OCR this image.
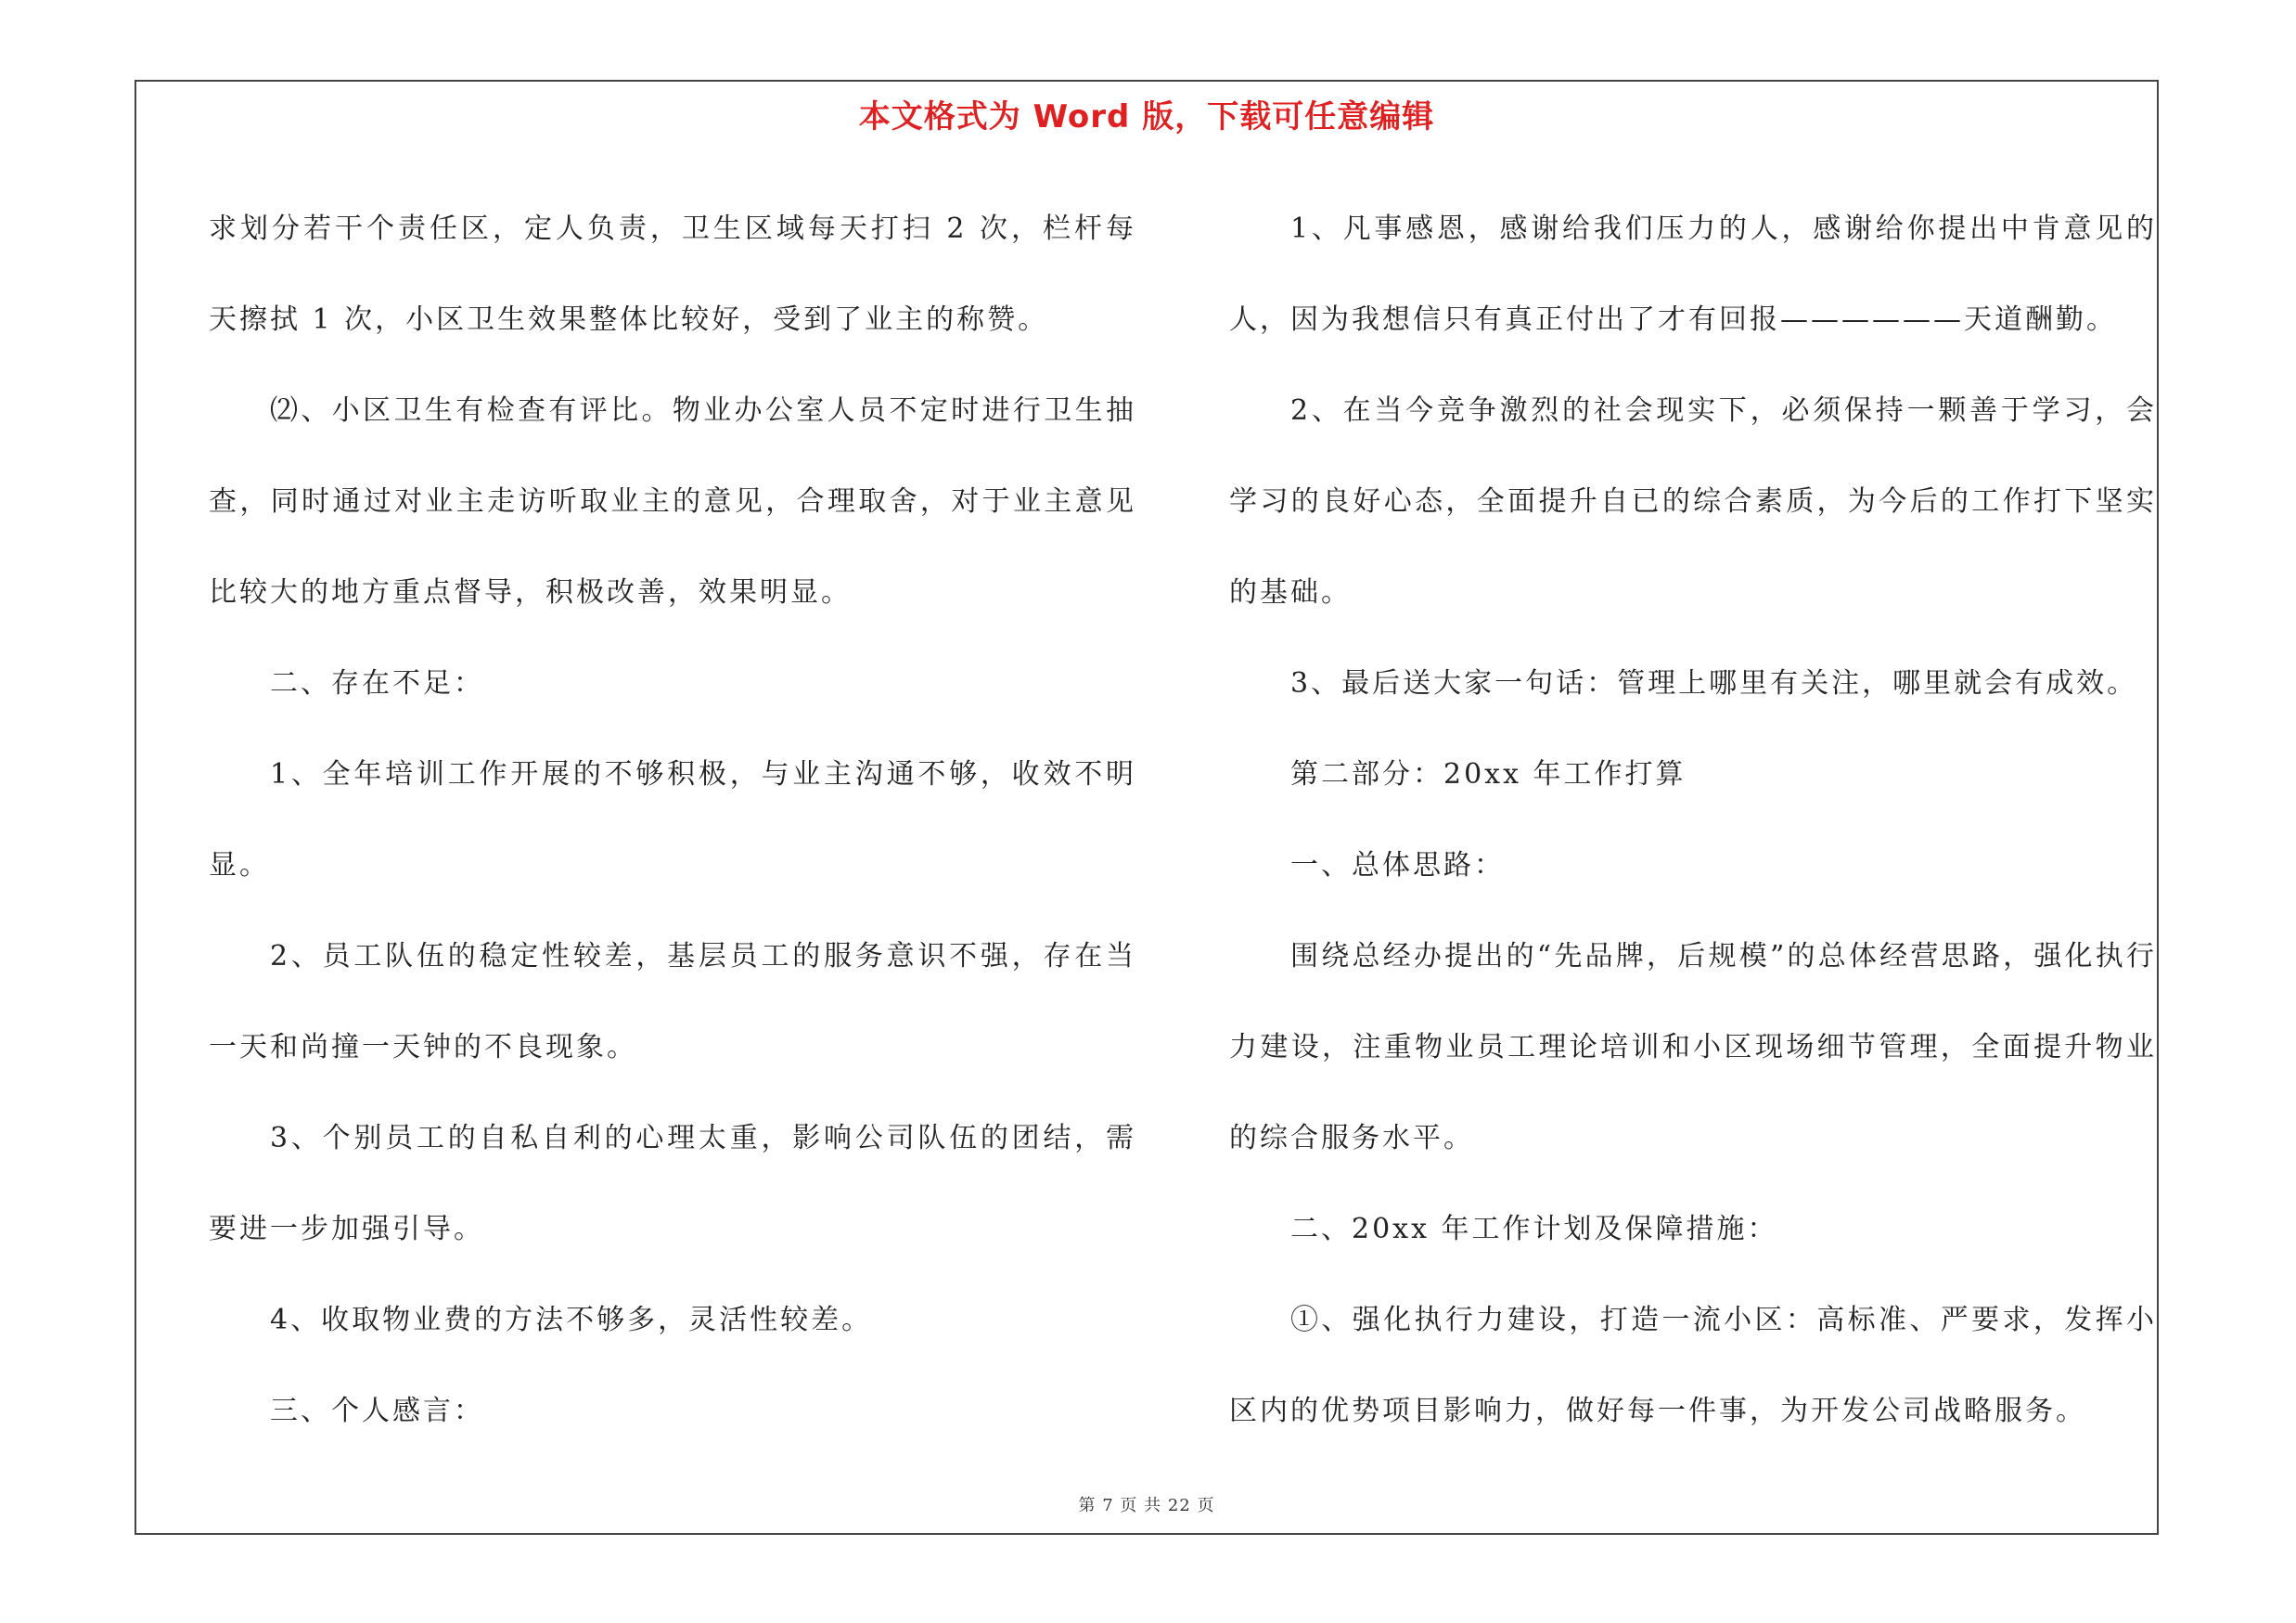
本文格式为 Word 版，下载可任意编辑

求划分若干个责任区，定人负责，卫生区域每天打扫 2 次，栏杆每天擦拭 1 次，小区卫生效果整体比较好，受到了业主的称赞。

⑵、小区卫生有检查有评比。物业办公室人员不定时进行卫生抽查，同时通过对业主走访听取业主的意见，合理取舍，对于业主意见比较大的地方重点督导，积极改善，效果明显。

二、存在不足：

1、全年培训工作开展的不够积极，与业主沟通不够，收效不明显。

2、员工队伍的稳定性较差，基层员工的服务意识不强，存在当一天和尚撞一天钟的不良现象。

3、个别员工的自私自利的心理太重，影响公司队伍的团结，需要进一步加强引导。

4、收取物业费的方法不够多，灵活性较差。

三、个人感言：

1、凡事感恩，感谢给我们压力的人，感谢给你提出中肯意见的人，因为我想信只有真正付出了才有回报——————天道酬勤。

2、在当今竞争激烈的社会现实下，必须保持一颗善于学习，会学习的良好心态，全面提升自已的综合素质，为今后的工作打下坚实的基础。

3、最后送大家一句话：管理上哪里有关注，哪里就会有成效。

第二部分：20xx 年工作打算

一、总体思路：

围绕总经办提出的“先品牌，后规模”的总体经营思路，强化执行力建设，注重物业员工理论培训和小区现场细节管理，全面提升物业的综合服务水平。

二、20xx 年工作计划及保障措施：

①、强化执行力建设，打造一流小区：高标准、严要求，发挥小区内的优势项目影响力，做好每一件事，为开发公司战略服务。

第 7 页 共 22 页
